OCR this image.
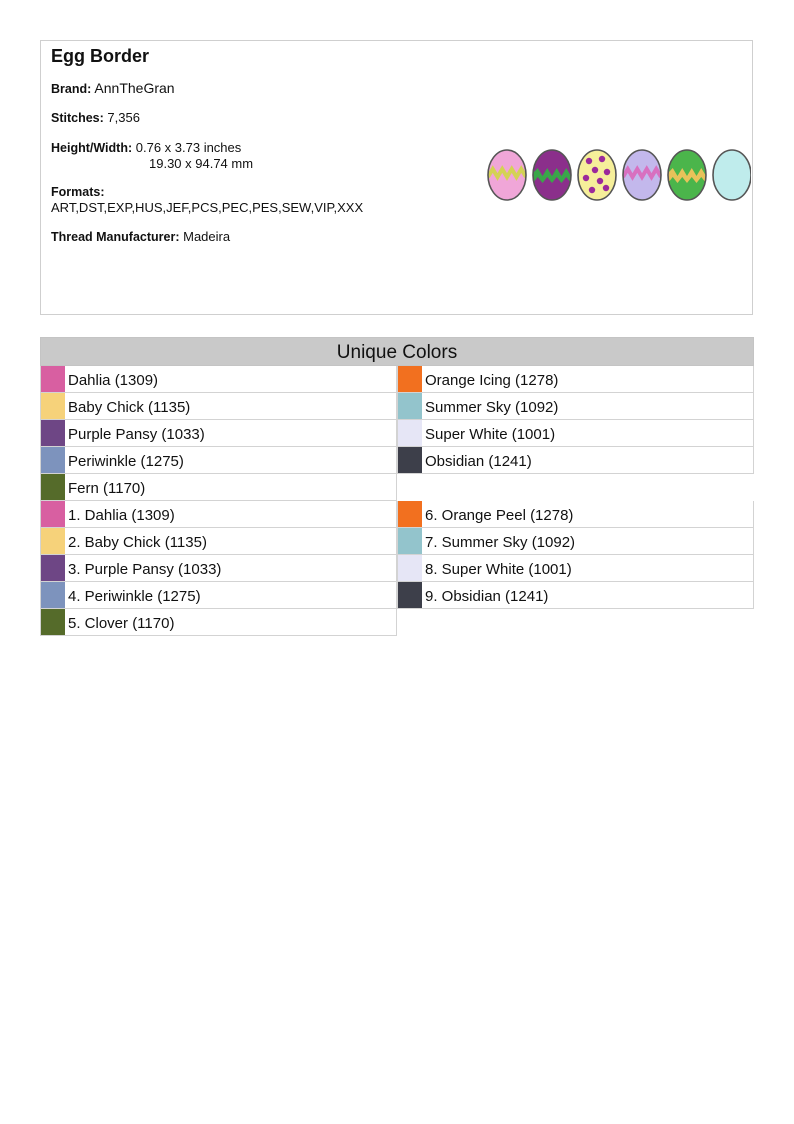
Egg Border
Brand: AnnTheGran
Stitches: 7,356
Height/Width: 0.76 x 3.73 inches
19.30 x 94.74 mm
Formats:
ART,DST,EXP,HUS,JEF,PCS,PEC,PES,SEW,VIP,XXX
Thread Manufacturer: Madeira
Unique Colors
Dahlia (1309)
Baby Chick (1135)
Purple Pansy (1033)
Periwinkle (1275)
Fern (1170)
1. Dahlia (1309)
2. Baby Chick (1135)
3. Purple Pansy (1033)
4. Periwinkle (1275)
5. Clover (1170)
Orange Icing (1278)
Summer Sky (1092)
Super White (1001)
Obsidian (1241)
6. Orange Peel (1278)
7. Summer Sky (1092)
8. Super White (1001)
9. Obsidian (1241)
